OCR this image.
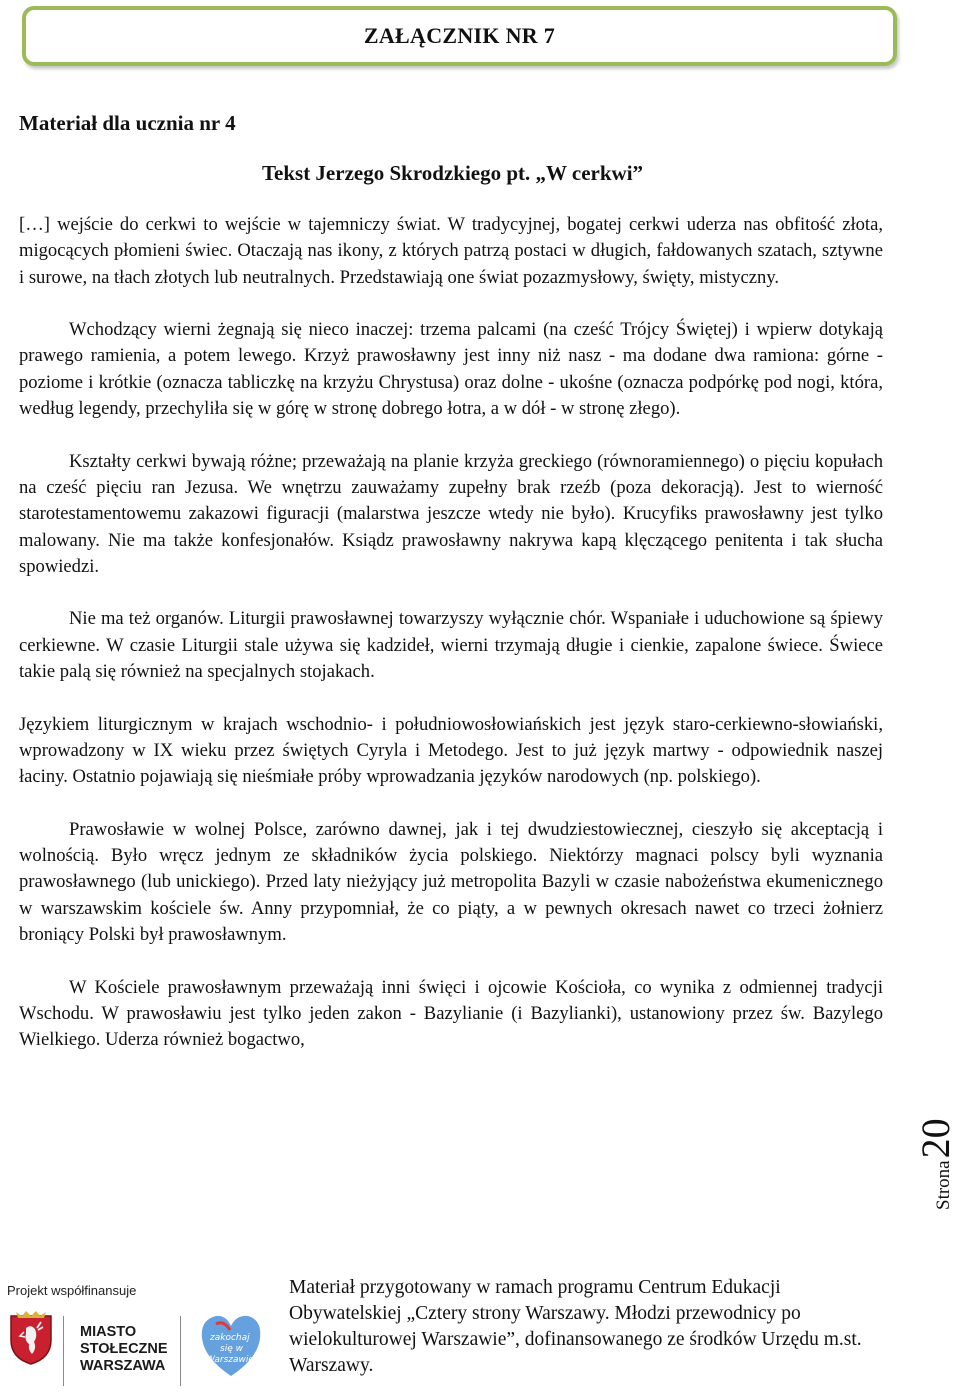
ZAŁĄCZNIK NR 7
Materiał dla ucznia nr 4
Tekst Jerzego Skrodzkiego pt. „W cerkwi”

[…] wejście do cerkwi to wejście w tajemniczy świat. W tradycyjnej, bogatej cerkwi uderza nas obfitość złota, migocących płomieni świec. Otaczają nas ikony, z których patrzą postaci w długich, fałdowanych szatach, sztywne i surowe, na tłach złotych lub neutralnych. Przedstawiają one świat pozazmysłowy, święty, mistyczny.

Wchodzący wierni żegnają się nieco inaczej: trzema palcami (na cześć Trójcy Świętej) i wpierw dotykają prawego ramienia, a potem lewego. Krzyż prawosławny jest inny niż nasz - ma dodane dwa ramiona: górne - poziome i krótkie (oznacza tabliczkę na krzyżu Chrystusa) oraz dolne - ukośne (oznacza podpórkę pod nogi, która, według legendy, przechyliła się w górę w stronę dobrego łotra, a w dół - w stronę złego).

Kształty cerkwi bywają różne; przeważają na planie krzyża greckiego (równoramiennego) o pięciu kopułach na cześć pięciu ran Jezusa. We wnętrzu zauważamy zupełny brak rzeźb (poza dekoracją). Jest to wierność starotestamentowemu zakazowi figuracji (malarstwa jeszcze wtedy nie było). Krucyfiks prawosławny jest tylko malowany. Nie ma także konfesjonałów. Ksiądz prawosławny nakrywa kapą klęczącego penitenta i tak słucha spowiedzi.

Nie ma też organów. Liturgii prawosławnej towarzyszy wyłącznie chór. Wspaniałe i uduchowione są śpiewy cerkiewne. W czasie Liturgii stale używa się kadzideł, wierni trzymają długie i cienkie, zapalone świece. Świece takie palą się również na specjalnych stojakach.

Językiem liturgicznym w krajach wschodnio- i południowosłowiańskich jest język staro-cerkiewno-słowiański, wprowadzony w IX wieku przez świętych Cyryla i Metodego. Jest to już język martwy - odpowiednik naszej łaciny. Ostatnio pojawiają się nieśmiałe próby wprowadzania języków narodowych (np. polskiego).

Prawosławie w wolnej Polsce, zarówno dawnej, jak i tej dwudziestowiecznej, cieszyło się akceptacją i wolnością. Było wręcz jednym ze składników życia polskiego. Niektórzy magnaci polscy byli wyznania prawosławnego (lub unickiego). Przed laty nieżyjący już metropolita Bazyli w czasie nabożeństwa ekumenicznego w warszawskim kościele św. Anny przypomniał, że co piąty, a w pewnych okresach nawet co trzeci żołnierz broniący Polski był prawosławnym.

W Kościele prawosławnym przeważają inni święci i ojcowie Kościoła, co wynika z odmiennej tradycji Wschodu. W prawosławiu jest tylko jeden zakon - Bazylianie (i Bazylianki), ustanowiony przez św. Bazylego Wielkiego. Uderza również bogactwo,

Strona
20
Projekt współfinansuje
MIASTO
STOŁECZNE
WARSZAWA
zakochaj
się w
Warszawie
Materiał przygotowany w ramach programu Centrum Edukacji Obywatelskiej „Cztery strony Warszawy. Młodzi przewodnicy po wielokulturowej Warszawie”, dofinansowanego ze środków Urzędu m.st. Warszawy.
